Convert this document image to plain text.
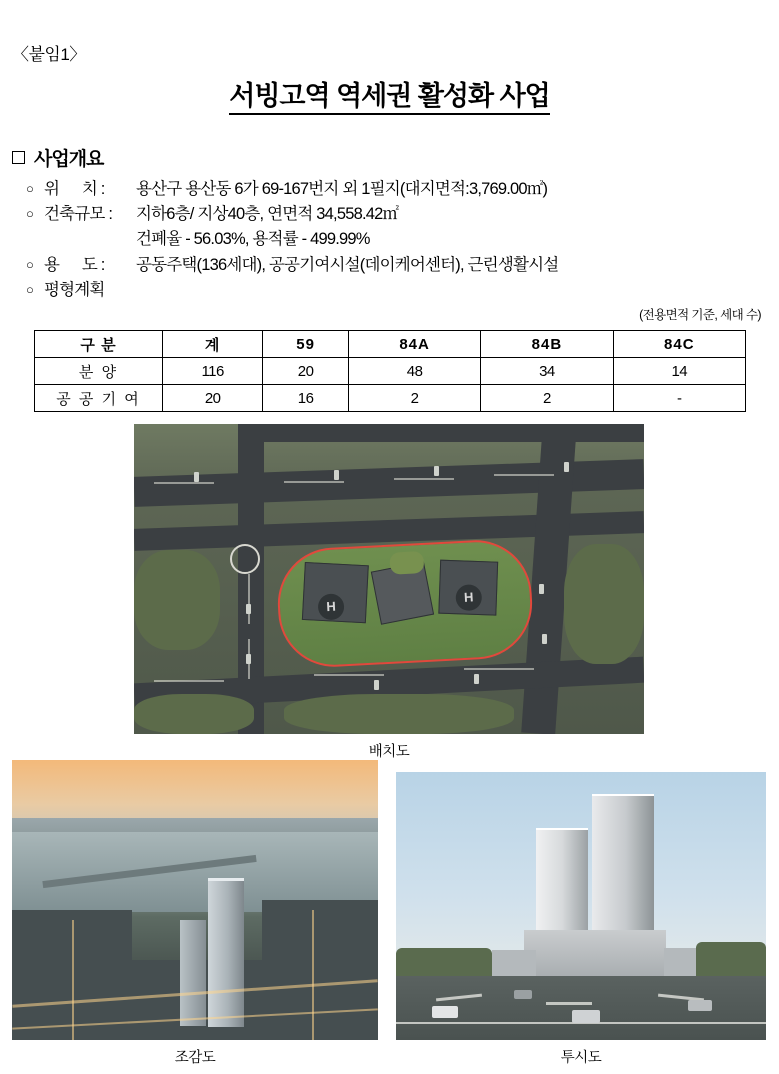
〈붙임1〉
서빙고역 역세권 활성화 사업
사업개요
○ 위      치 :	용산구 용산동 6가 69-167번지 외 1필지(대지면적:3,769.00㎡)
○ 건축규모 :	지하6층/ 지상40층, 연면적 34,558.42㎡
건폐율 - 56.03%, 용적률 - 499.99%
○ 용      도 :	공동주택(136세대), 공공기여시설(데이케어센터), 근린생활시설
○ 평형계획
(전용면적 기준, 세대 수)
구 분	계	59	84A	84B	84C
분 양	116	20	48	34	14
공 공 기 여	20	16	2	2	-
H
H
배치도
조감도	투시도
